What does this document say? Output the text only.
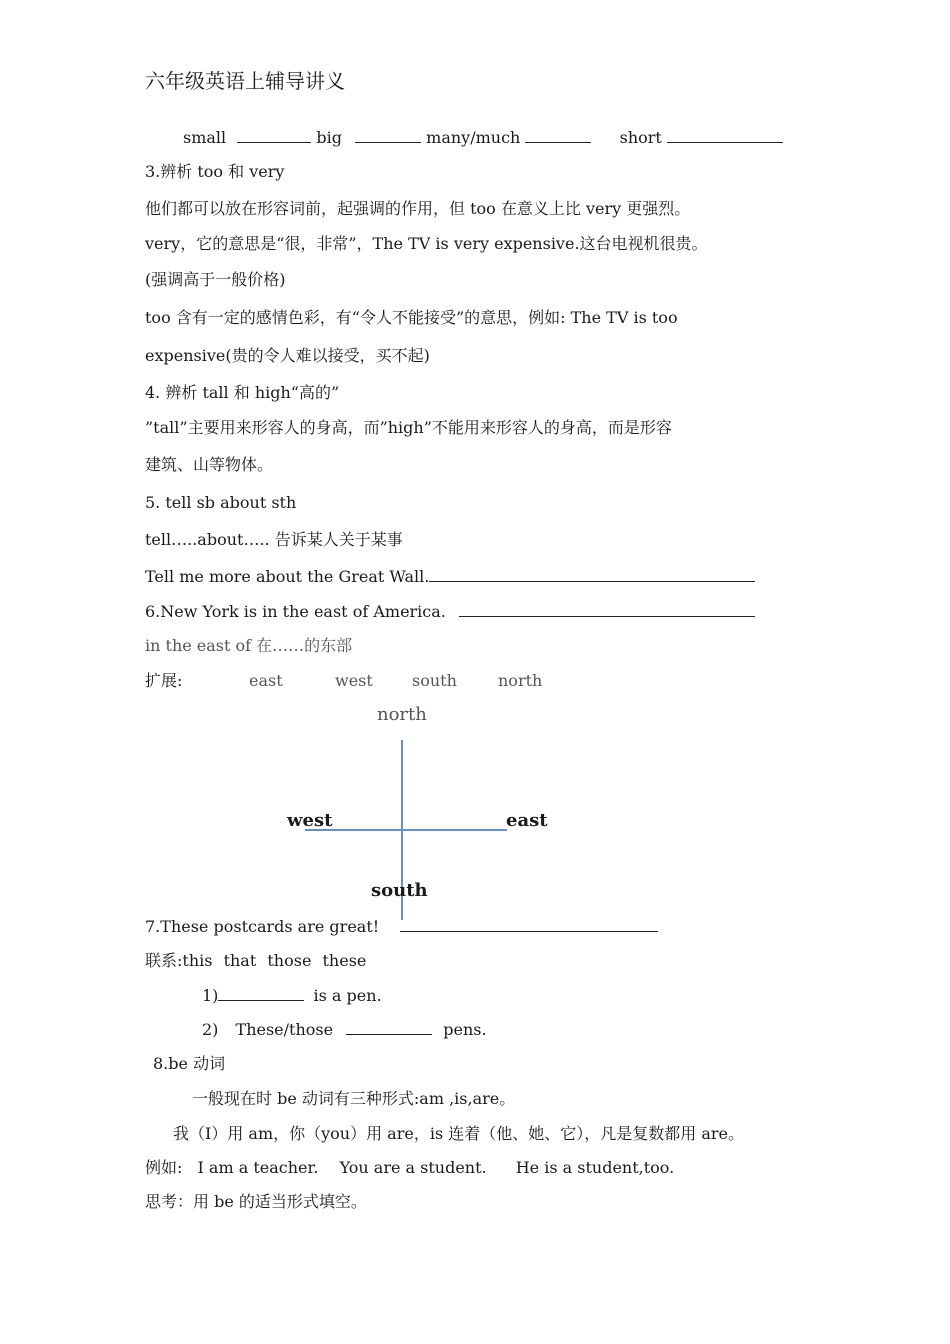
六年级英语上辅导讲义
small	big	many/much	short
3.辨析 too 和 very
他们都可以放在形容词前，起强调的作用，但 too 在意义上比 very 更强烈。
very，它的意思是“很，非常”，The TV is very expensive.这台电视机很贵。
(强调高于一般价格)
too 含有一定的感情色彩，有“令人不能接受”的意思，例如: The TV is too
expensive(贵的令人难以接受，买不起)
4. 辨析 tall 和 high“高的”
”tall”主要用来形容人的身高，而”high”不能用来形容人的身高，而是形容
建筑、山等物体。
5. tell sb about sth
tell…..about….. 告诉某人关于某事
Tell me more about the Great Wall.
6.New York is in the east of America.
in the east of 在……的东部
扩展:	east	west south	north
north
west	east
south
7.These postcards are great!
联系:this that those these
1)	is a pen.
2) These/those	pens.
8.be 动词
一般现在时 be 动词有三种形式:am ,is,are。
我（I）用 am，你（you）用 are，is 连着（他、她、它），凡是复数都用 are。
例如: I am a teacher. You are a student. He is a student,too.
思考：用 be 的适当形式填空。
